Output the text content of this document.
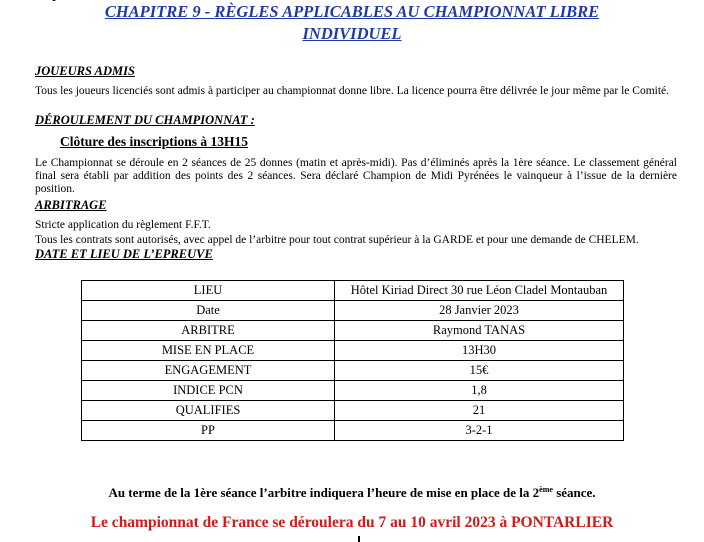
CHAPITRE 9 - RÈGLES APPLICABLES AU CHAMPIONNAT LIBRE
INDIVIDUEL
JOUEURS ADMIS
Tous les joueurs licenciés sont admis à participer au championnat donne libre. La licence pourra être délivrée le jour même par le Comité.
DÉROULEMENT DU CHAMPIONNAT :
Clôture des inscriptions à 13H15
Le Championnat se déroule en 2 séances de 25 donnes (matin et après-midi). Pas d’éliminés après la 1ère séance. Le classement général final sera établi par addition des points des 2 séances. Sera déclaré Champion de Midi Pyrénées le vainqueur à l’issue de la dernière position.
ARBITRAGE
Stricte application du règlement F.F.T.
Tous les contrats sont autorisés, avec appel de l’arbitre pour tout contrat supérieur à la GARDE et pour une demande de CHELEM.
DATE ET LIEU DE L’EPREUVE
LIEU	Hôtel Kiriad Direct 30 rue Léon Cladel Montauban
Date	28 Janvier 2023
ARBITRE	Raymond TANAS
MISE EN PLACE	13H30
ENGAGEMENT	15€
INDICE PCN	1,8
QUALIFIES	21
PP	3-2-1
Au terme de la 1ère séance l’arbitre indiquera l’heure de mise en place de la 2ème séance.
Le championnat de France se déroulera du 7 au 10 avril 2023 à PONTARLIER
